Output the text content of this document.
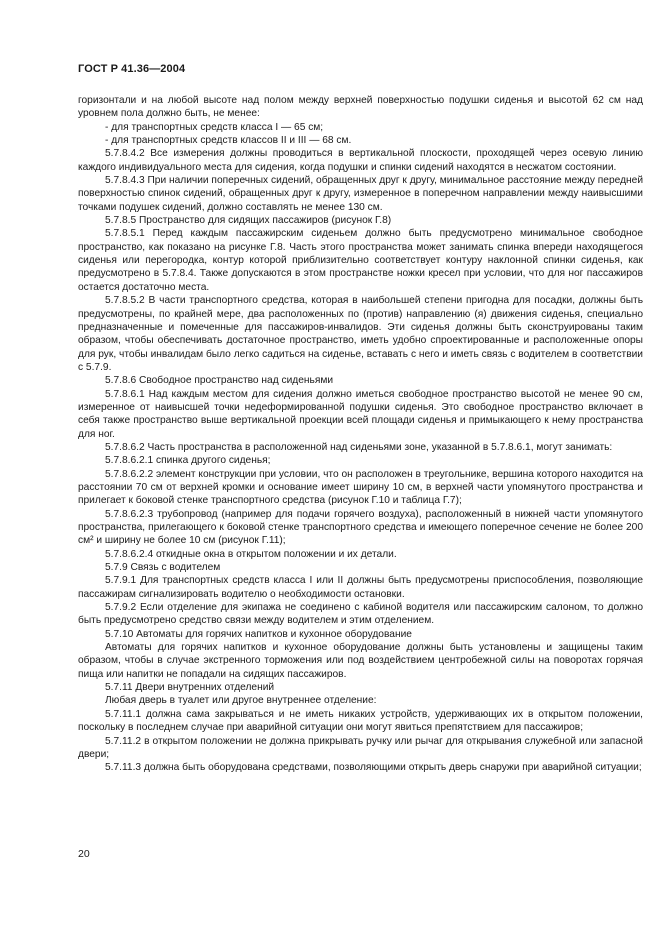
ГОСТ Р 41.36—2004

горизонтали и на любой высоте над полом между верхней поверхностью подушки сиденья и высотой 62 см над уровнем пола должно быть, не менее:

- для транспортных средств класса I — 65 см;

- для транспортных средств классов II и III — 68 см.

5.7.8.4.2 Все измерения должны проводиться в вертикальной плоскости, проходящей через осевую линию каждого индивидуального места для сидения, когда подушки и спинки сидений находятся в несжатом состоянии.

5.7.8.4.3 При наличии поперечных сидений, обращенных друг к другу, минимальное расстояние между передней поверхностью спинок сидений, обращенных друг к другу, измеренное в поперечном направлении между наивысшими точками подушек сидений, должно составлять не менее 130 см.

5.7.8.5 Пространство для сидящих пассажиров (рисунок Г.8)

5.7.8.5.1 Перед каждым пассажирским сиденьем должно быть предусмотрено минимальное свободное пространство, как показано на рисунке Г.8. Часть этого пространства может занимать спинка впереди находящегося сиденья или перегородка, контур которой приблизительно соответствует контуру наклонной спинки сиденья, как предусмотрено в 5.7.8.4. Также допускаются в этом пространстве ножки кресел при условии, что для ног пассажиров остается достаточно места.

5.7.8.5.2 В части транспортного средства, которая в наибольшей степени пригодна для посадки, должны быть предусмотрены, по крайней мере, два расположенных по (против) направлению (я) движения сиденья, специально предназначенные и помеченные для пассажиров-инвалидов. Эти сиденья должны быть сконструированы таким образом, чтобы обеспечивать достаточное пространство, иметь удобно спроектированные и расположенные опоры для рук, чтобы инвалидам было легко садиться на сиденье, вставать с него и иметь связь с водителем в соответствии с 5.7.9.

5.7.8.6 Свободное пространство над сиденьями

5.7.8.6.1 Над каждым местом для сидения должно иметься свободное пространство высотой не менее 90 см, измеренное от наивысшей точки недеформированной подушки сиденья. Это свободное пространство включает в себя также пространство выше вертикальной проекции всей площади сиденья и примыкающего к нему пространства для ног.

5.7.8.6.2 Часть пространства в расположенной над сиденьями зоне, указанной в 5.7.8.6.1, могут занимать:

5.7.8.6.2.1 спинка другого сиденья;

5.7.8.6.2.2 элемент конструкции при условии, что он расположен в треугольнике, вершина которого находится на расстоянии 70 см от верхней кромки и основание имеет ширину 10 см, в верхней части упомянутого пространства и прилегает к боковой стенке транспортного средства (рисунок Г.10 и таблица Г.7);

5.7.8.6.2.3 трубопровод (например для подачи горячего воздуха), расположенный в нижней части упомянутого пространства, прилегающего к боковой стенке транспортного средства и имеющего поперечное сечение не более 200 см² и ширину не более 10 см (рисунок Г.11);

5.7.8.6.2.4 откидные окна в открытом положении и их детали.

5.7.9 Связь с водителем

5.7.9.1 Для транспортных средств класса I или II должны быть предусмотрены приспособления, позволяющие пассажирам сигнализировать водителю о необходимости остановки.

5.7.9.2 Если отделение для экипажа не соединено с кабиной водителя или пассажирским салоном, то должно быть предусмотрено средство связи между водителем и этим отделением.

5.7.10 Автоматы для горячих напитков и кухонное оборудование

Автоматы для горячих напитков и кухонное оборудование должны быть установлены и защищены таким образом, чтобы в случае экстренного торможения или под воздействием центробежной силы на поворотах горячая пища или напитки не попадали на сидящих пассажиров.

5.7.11 Двери внутренних отделений

Любая дверь в туалет или другое внутреннее отделение:

5.7.11.1 должна сама закрываться и не иметь никаких устройств, удерживающих их в открытом положении, поскольку в последнем случае при аварийной ситуации они могут явиться препятствием для пассажиров;

5.7.11.2 в открытом положении не должна прикрывать ручку или рычаг для открывания служебной или запасной двери;

5.7.11.3 должна быть оборудована средствами, позволяющими открыть дверь снаружи при аварийной ситуации;

20
